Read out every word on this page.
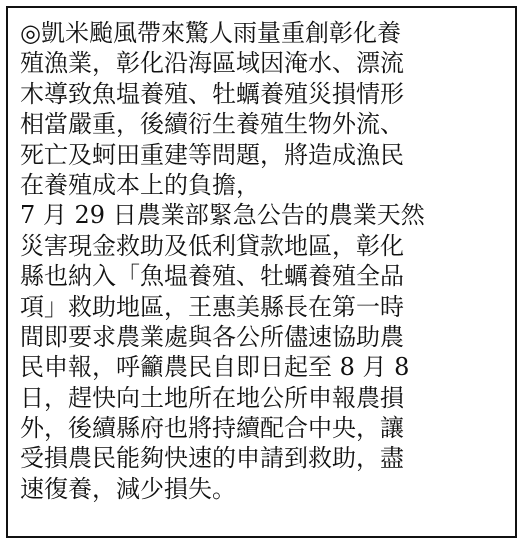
◎凱米颱風帶來驚人雨量重創彰化養
殖漁業，彰化沿海區域因淹水、漂流
木導致魚塭養殖、牡蠣養殖災損情形
相當嚴重，後續衍生養殖生物外流、
死亡及蚵田重建等問題，將造成漁民
在養殖成本上的負擔，
7 月 29 日農業部緊急公告的農業天然
災害現金救助及低利貸款地區，彰化
縣也納入「魚塭養殖、牡蠣養殖全品
項」救助地區，王惠美縣長在第一時
間即要求農業處與各公所儘速協助農
民申報，呼籲農民自即日起至 8 月 8
日，趕快向土地所在地公所申報農損
外，後續縣府也將持續配合中央，讓
受損農民能夠快速的申請到救助，盡
速復養，減少損失。
